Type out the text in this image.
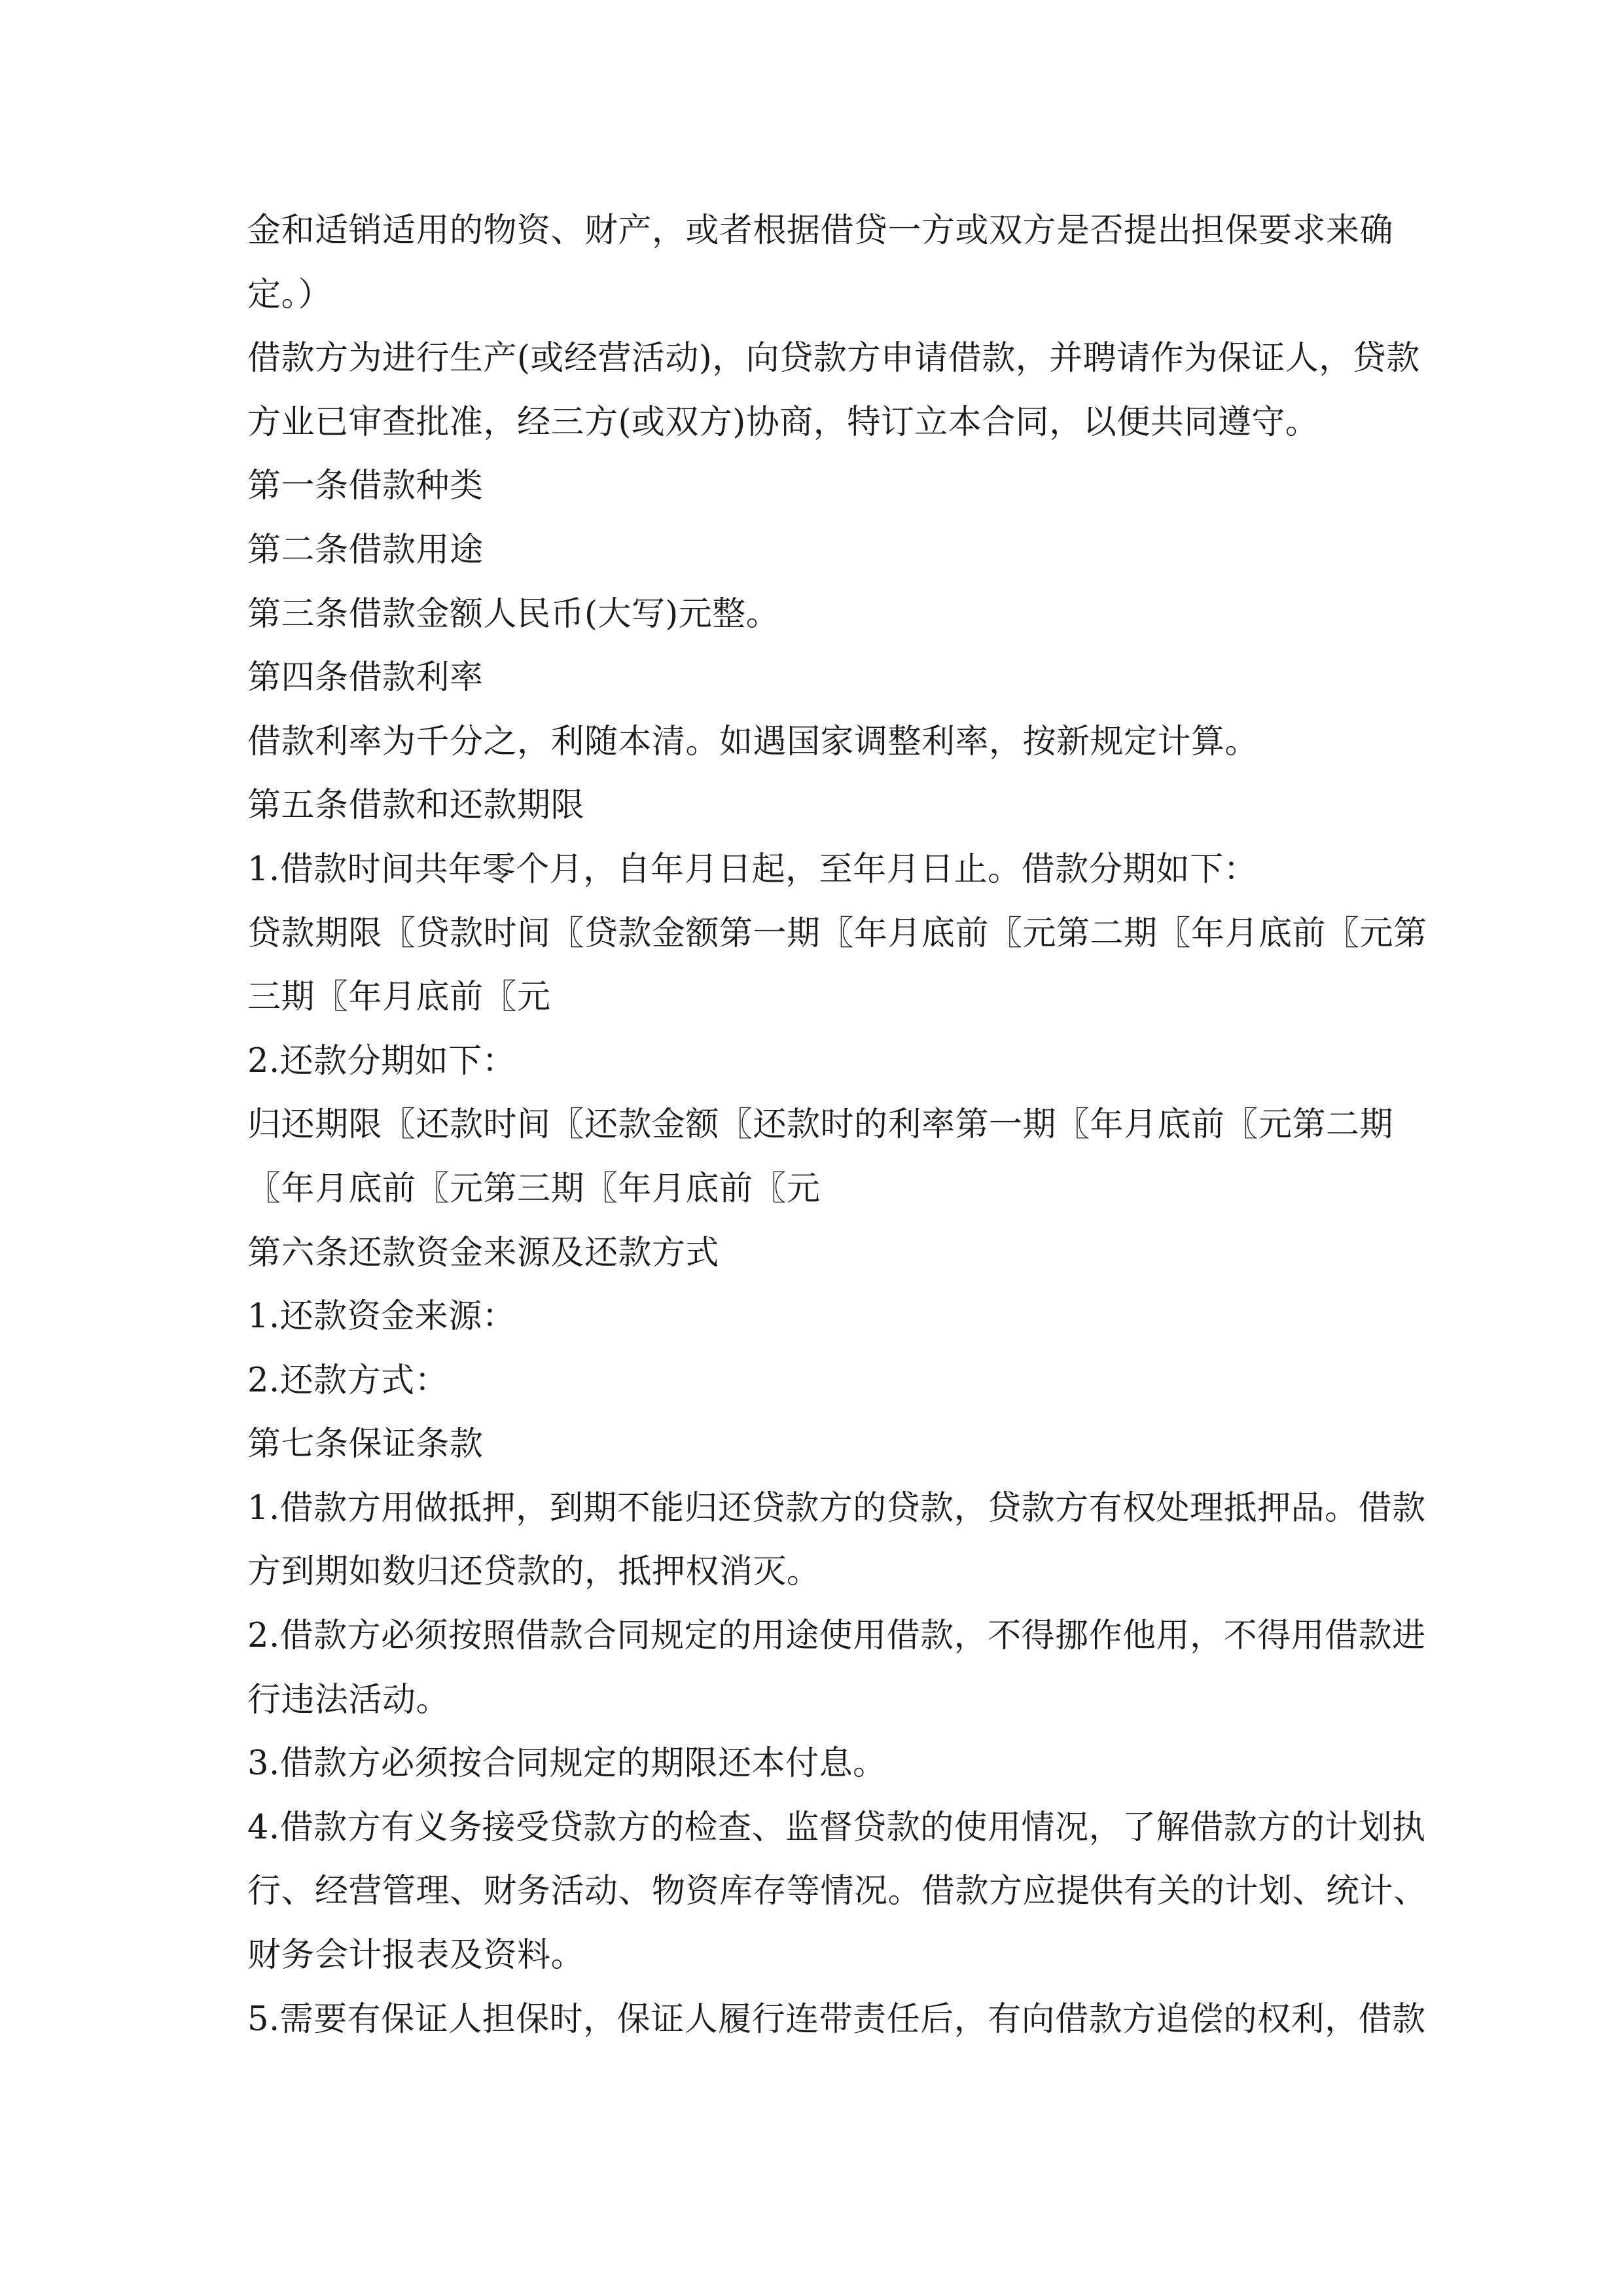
金和适销适用的物资、财产，或者根据借贷一方或双方是否提出担保要求来确
定。）
借款方为进行生产(或经营活动)，向贷款方申请借款，并聘请作为保证人，贷款
方业已审查批准，经三方(或双方)协商，特订立本合同，以便共同遵守。
第一条借款种类
第二条借款用途
第三条借款金额人民币(大写)元整。
第四条借款利率
借款利率为千分之，利随本清。如遇国家调整利率，按新规定计算。
第五条借款和还款期限
1.借款时间共年零个月，自年月日起，至年月日止。借款分期如下：
贷款期限〖贷款时间〖贷款金额第一期〖年月底前〖元第二期〖年月底前〖元第
三期〖年月底前〖元
2.还款分期如下：
归还期限〖还款时间〖还款金额〖还款时的利率第一期〖年月底前〖元第二期
〖年月底前〖元第三期〖年月底前〖元
第六条还款资金来源及还款方式
1.还款资金来源：
2.还款方式：
第七条保证条款
1.借款方用做抵押，到期不能归还贷款方的贷款，贷款方有权处理抵押品。借款
方到期如数归还贷款的，抵押权消灭。
2.借款方必须按照借款合同规定的用途使用借款，不得挪作他用，不得用借款进
行违法活动。
3.借款方必须按合同规定的期限还本付息。
4.借款方有义务接受贷款方的检查、监督贷款的使用情况，了解借款方的计划执
行、经营管理、财务活动、物资库存等情况。借款方应提供有关的计划、统计、
财务会计报表及资料。
5.需要有保证人担保时，保证人履行连带责任后，有向借款方追偿的权利，借款
